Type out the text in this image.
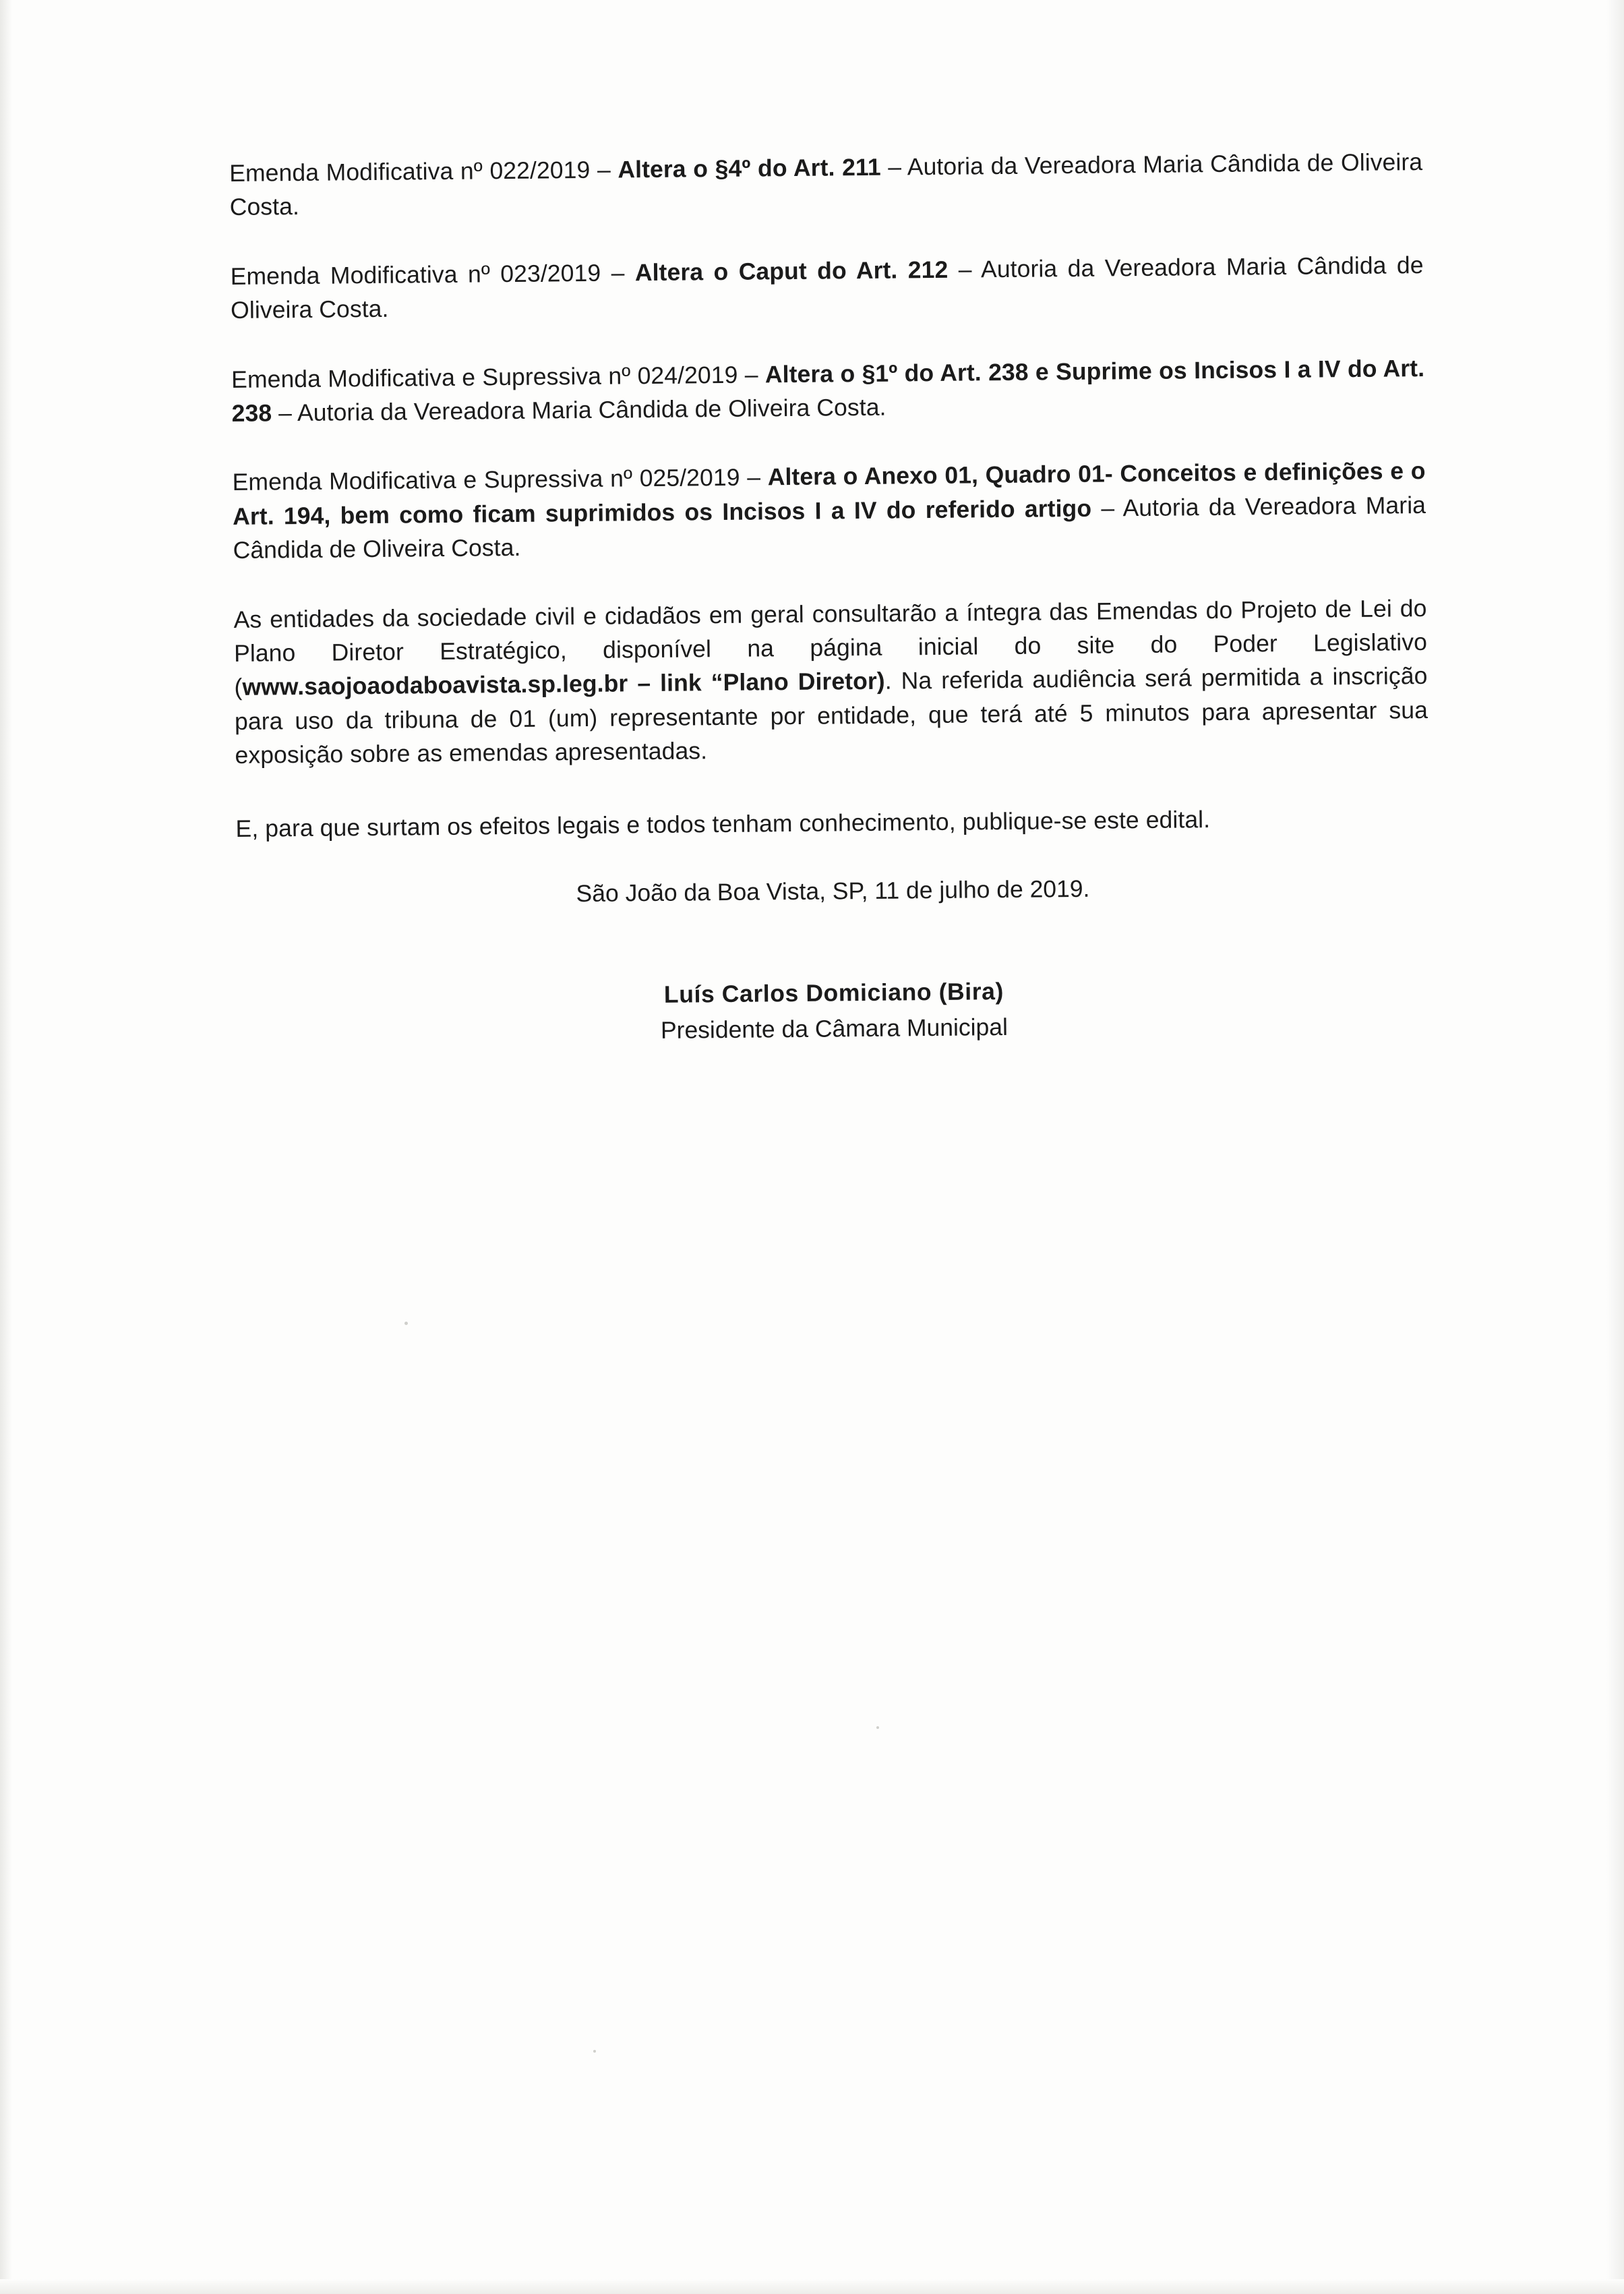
Emenda Modificativa nº 022/2019 – Altera o §4º do Art. 211 – Autoria da Vereadora Maria Cândida de Oliveira Costa.

Emenda Modificativa nº 023/2019 – Altera o Caput do Art. 212 – Autoria da Vereadora Maria Cândida de Oliveira Costa.

Emenda Modificativa e Supressiva nº 024/2019 – Altera o §1º do Art. 238 e Suprime os Incisos I a IV do Art. 238 – Autoria da Vereadora Maria Cândida de Oliveira Costa.

Emenda Modificativa e Supressiva nº 025/2019 – Altera o Anexo 01, Quadro 01- Conceitos e definições e o Art. 194, bem como ficam suprimidos os Incisos I a IV do referido artigo – Autoria da Vereadora Maria Cândida de Oliveira Costa.

As entidades da sociedade civil e cidadãos em geral consultarão a íntegra das Emendas do Projeto de Lei do Plano Diretor Estratégico, disponível na página inicial do site do Poder Legislativo (www.saojoaodaboavista.sp.leg.br – link “Plano Diretor). Na referida audiência será permitida a inscrição para uso da tribuna de 01 (um) representante por entidade, que terá até 5 minutos para apresentar sua exposição sobre as emendas apresentadas.

E, para que surtam os efeitos legais e todos tenham conhecimento, publique-se este edital.

São João da Boa Vista, SP, 11 de julho de 2019.
Luís Carlos Domiciano (Bira)
Presidente da Câmara Municipal
